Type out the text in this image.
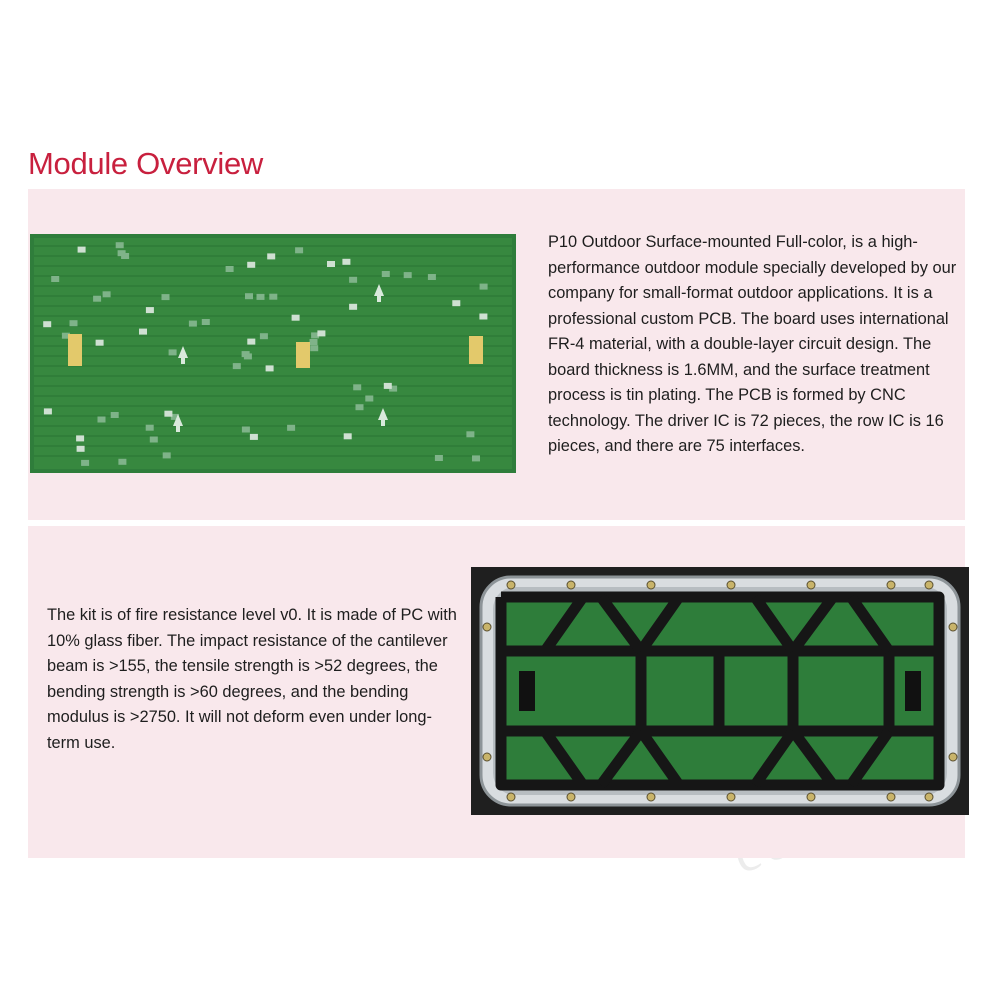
Module Overview

P10 Outdoor Surface-mounted Full-color, is a high-performance outdoor module specially developed by our company for small-format outdoor applications. It is a professional custom PCB. The board uses international FR-4 material, with a double-layer circuit design. The board thickness is 1.6MM, and the surface treatment process is tin plating. The PCB is formed by CNC technology. The driver IC is 72 pieces, the row IC is 16 pieces, and there are 75 interfaces.

The kit is of fire resistance level v0. It is made of PC with 10% glass fiber. The impact resistance of the cantilever beam is >155, the tensile strength is >52 degrees, the bending strength is >60 degrees, and the bending modulus is >2750. It will not deform even under long-term use.
